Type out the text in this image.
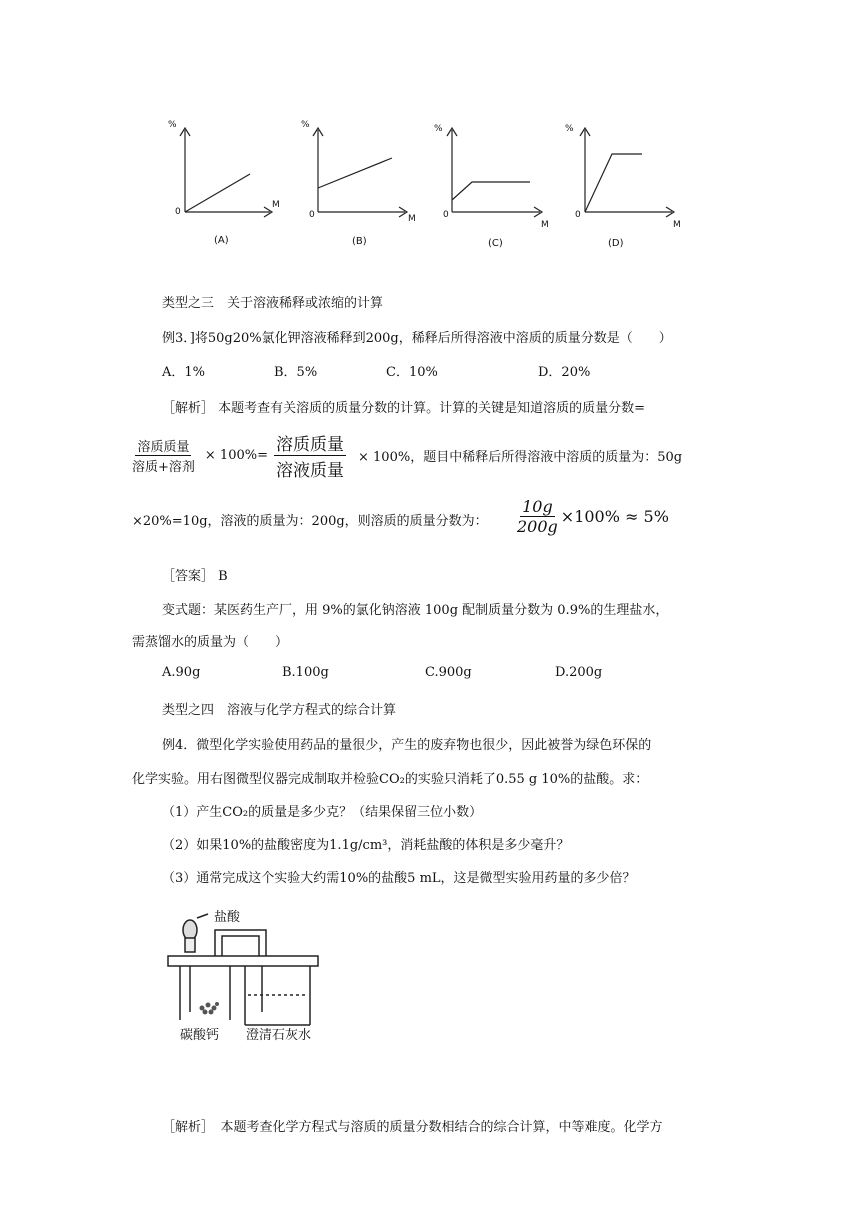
%	%	%	%
0	0	0	0
M
M
M	M
(A)	(B)	(C)	(D)
类型之三　关于溶液稀释或浓缩的计算
例3．]将50g20%氯化钾溶液稀释到200g，稀释后所得溶液中溶质的质量分数是（　　）
A．1%	B．5%	C．10%	D．20%
［解析］ 本题考查有关溶质的质量分数的计算。计算的关键是知道溶质的质量分数=
$\frac{\text{溶质质量}}{\text{溶质+溶剂}} \times 100\%= \frac{\text{溶质质量}}{\text{溶液质量}} \times 100\%$，题目中稀释后所得溶液中溶质的质量为：50g
×20%=10g，溶液的质量为：200g，则溶质的质量分数为： $\frac{10g}{200g} \times 100\% \approx 5\%$
［答案］ B
变式题：某医药生产厂，用 9%的氯化钠溶液 100g 配制质量分数为 0.9%的生理盐水，
需蒸馏水的质量为（　　）
A.90g	B.100g	C.900g	D.200g
类型之四　溶液与化学方程式的综合计算
例4．微型化学实验使用药品的量很少，产生的废弃物也很少，因此被誉为绿色环保的
化学实验。用右图微型仪器完成制取并检验CO₂的实验只消耗了0.55 g 10%的盐酸。求：
（1）产生CO₂的质量是多少克？（结果保留三位小数）
（2）如果10%的盐酸密度为1.1g/cm³，消耗盐酸的体积是多少毫升？
（3）通常完成这个实验大约需10%的盐酸5 mL，这是微型实验用药量的多少倍？
盐酸
碳酸钙 澄清石灰水
［解析］　本题考查化学方程式与溶质的质量分数相结合的综合计算，中等难度。化学方
